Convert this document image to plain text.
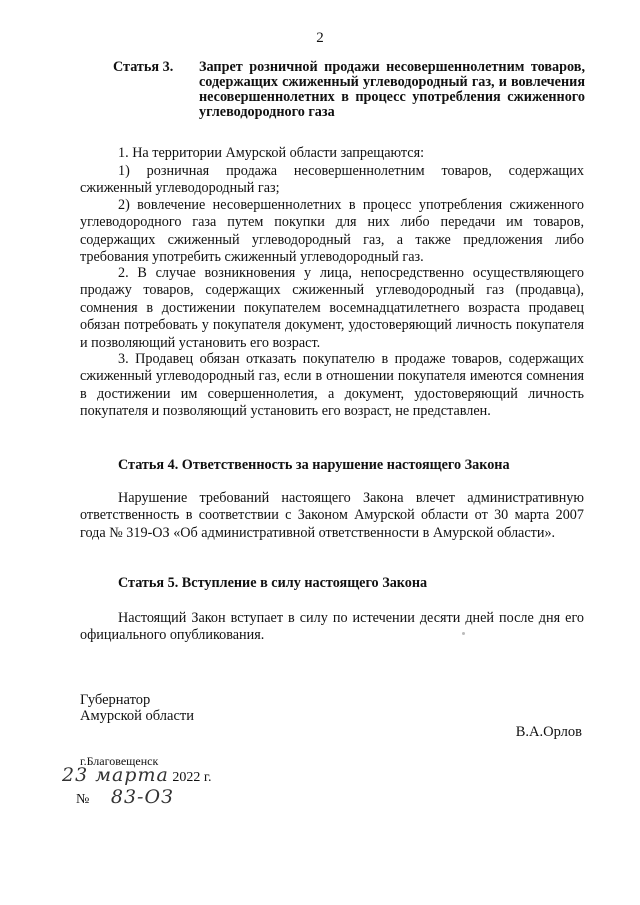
2
Статья 3. Запрет розничной продажи несовершеннолетним товаров, содержащих сжиженный углеводородный газ, и вовлечения несовершеннолетних в процесс употребления сжиженного углеводородного газа
1. На территории Амурской области запрещаются:
1) розничная продажа несовершеннолетним товаров, содержащих сжиженный углеводородный газ;
2) вовлечение несовершеннолетних в процесс употребления сжиженного углеводородного газа путем покупки для них либо передачи им товаров, содержащих сжиженный углеводородный газ, а также предложения либо требования употребить сжиженный углеводородный газ.
2. В случае возникновения у лица, непосредственно осуществляющего продажу товаров, содержащих сжиженный углеводородный газ (продавца), сомнения в достижении покупателем восемнадцатилетнего возраста продавец обязан потребовать у покупателя документ, удостоверяющий личность покупателя и позволяющий установить его возраст.
3. Продавец обязан отказать покупателю в продаже товаров, содержащих сжиженный углеводородный газ, если в отношении покупателя имеются сомнения в достижении им совершеннолетия, а документ, удостоверяющий личность покупателя и позволяющий установить его возраст, не представлен.
Статья 4. Ответственность за нарушение настоящего Закона
Нарушение требований настоящего Закона влечет административную ответственность в соответствии с Законом Амурской области от 30 марта 2007 года № 319-ОЗ «Об административной ответственности в Амурской области».
Статья 5. Вступление в силу настоящего Закона
Настоящий Закон вступает в силу по истечении десяти дней после дня его официального опубликования.
Губернатор
Амурской области
В.А.Орлов
г.Благовещенск
23 марта 2022 г.
№ 83-ОЗ
